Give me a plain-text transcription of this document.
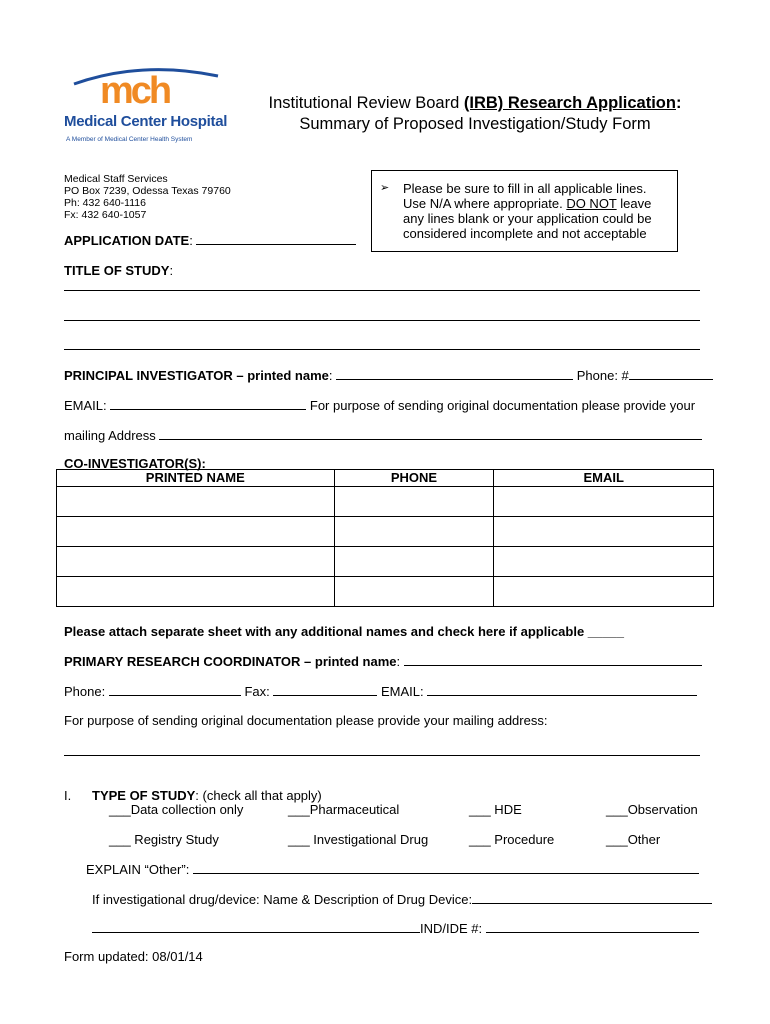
mch
Medical Center Hospital
A Member of Medical Center Health System
Institutional Review Board (IRB) Research Application:
Summary of Proposed Investigation/Study Form
Medical Staff Services
PO Box 7239, Odessa Texas 79760
Ph: 432 640-1116
Fx: 432 640-1057
APPLICATION DATE:
➢ Please be sure to fill in all applicable lines. Use N/A where appropriate. DO NOT leave any lines blank or your application could be considered incomplete and not acceptable
TITLE OF STUDY:
PRINCIPAL INVESTIGATOR – printed name:	Phone: #
EMAIL:	For purpose of sending original documentation please provide your
mailing Address
CO-INVESTIGATOR(S):
PRINTED NAME	PHONE	EMAIL

Please attach separate sheet with any additional names and check here if applicable _____
PRIMARY RESEARCH COORDINATOR – printed name:
Phone:	Fax:	EMAIL:
For purpose of sending original documentation please provide your mailing address:
I. TYPE OF STUDY: (check all that apply)
___Data collection only	___Pharmaceutical	___ HDE	___Observation
___ Registry Study	___ Investigational Drug	___ Procedure	___Other
EXPLAIN “Other”:
If investigational drug/device: Name & Description of Drug Device:
IND/IDE #:
Form updated: 08/01/14
